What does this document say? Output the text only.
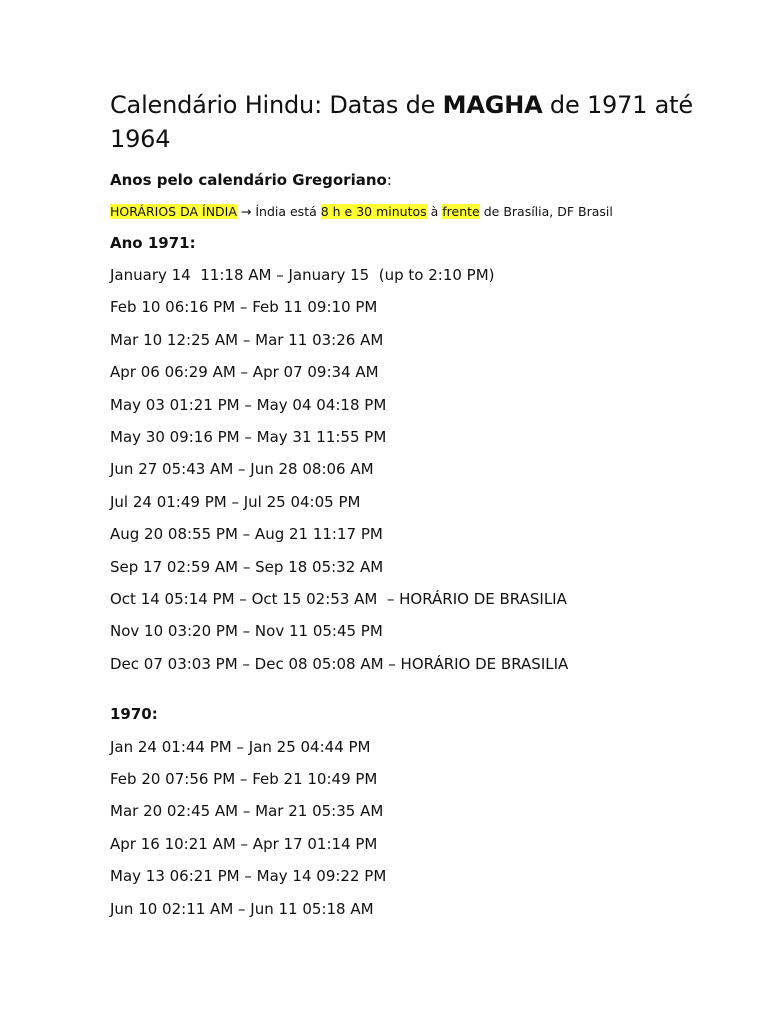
Calendário Hindu: Datas de MAGHA de 1971 até 1964
Anos pelo calendário Gregoriano:
HORÁRIOS DA ÍNDIA → Índia está 8 h e 30 minutos à frente de Brasília, DF Brasil
Ano 1971:
January 14  11:18 AM – January 15  (up to 2:10 PM)
Feb 10 06:16 PM – Feb 11 09:10 PM
Mar 10 12:25 AM – Mar 11 03:26 AM
Apr 06 06:29 AM – Apr 07 09:34 AM
May 03 01:21 PM – May 04 04:18 PM
May 30 09:16 PM – May 31 11:55 PM
Jun 27 05:43 AM – Jun 28 08:06 AM
Jul 24 01:49 PM – Jul 25 04:05 PM
Aug 20 08:55 PM – Aug 21 11:17 PM
Sep 17 02:59 AM – Sep 18 05:32 AM
Oct 14 05:14 PM – Oct 15 02:53 AM  – HORÁRIO DE BRASILIA
Nov 10 03:20 PM – Nov 11 05:45 PM
Dec 07 03:03 PM – Dec 08 05:08 AM – HORÁRIO DE BRASILIA
1970:
Jan 24 01:44 PM – Jan 25 04:44 PM
Feb 20 07:56 PM – Feb 21 10:49 PM
Mar 20 02:45 AM – Mar 21 05:35 AM
Apr 16 10:21 AM – Apr 17 01:14 PM
May 13 06:21 PM – May 14 09:22 PM
Jun 10 02:11 AM – Jun 11 05:18 AM
